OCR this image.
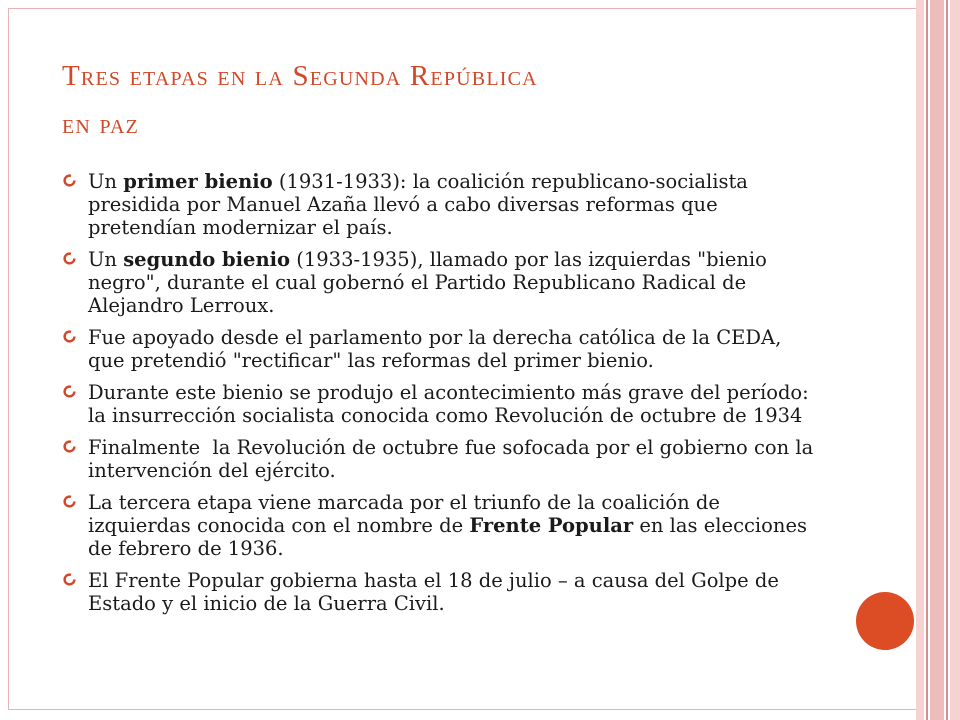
Tres etapas en la Segunda República
en paz
Un primer bienio (1931-1933): la coalición republicano-socialista presidida por Manuel Azaña llevó a cabo diversas reformas que pretendían modernizar el país.
Un segundo bienio (1933-1935), llamado por las izquierdas "bienio negro", durante el cual gobernó el Partido Republicano Radical de Alejandro Lerroux.
Fue apoyado desde el parlamento por la derecha católica de la CEDA, que pretendió "rectificar" las reformas del primer bienio.
Durante este bienio se produjo el acontecimiento más grave del período: la insurrección socialista conocida como Revolución de octubre de 1934
Finalmente  la Revolución de octubre fue sofocada por el gobierno con la intervención del ejército.
La tercera etapa viene marcada por el triunfo de la coalición de izquierdas conocida con el nombre de Frente Popular en las elecciones de febrero de 1936.
El Frente Popular gobierna hasta el 18 de julio – a causa del Golpe de Estado y el inicio de la Guerra Civil.
